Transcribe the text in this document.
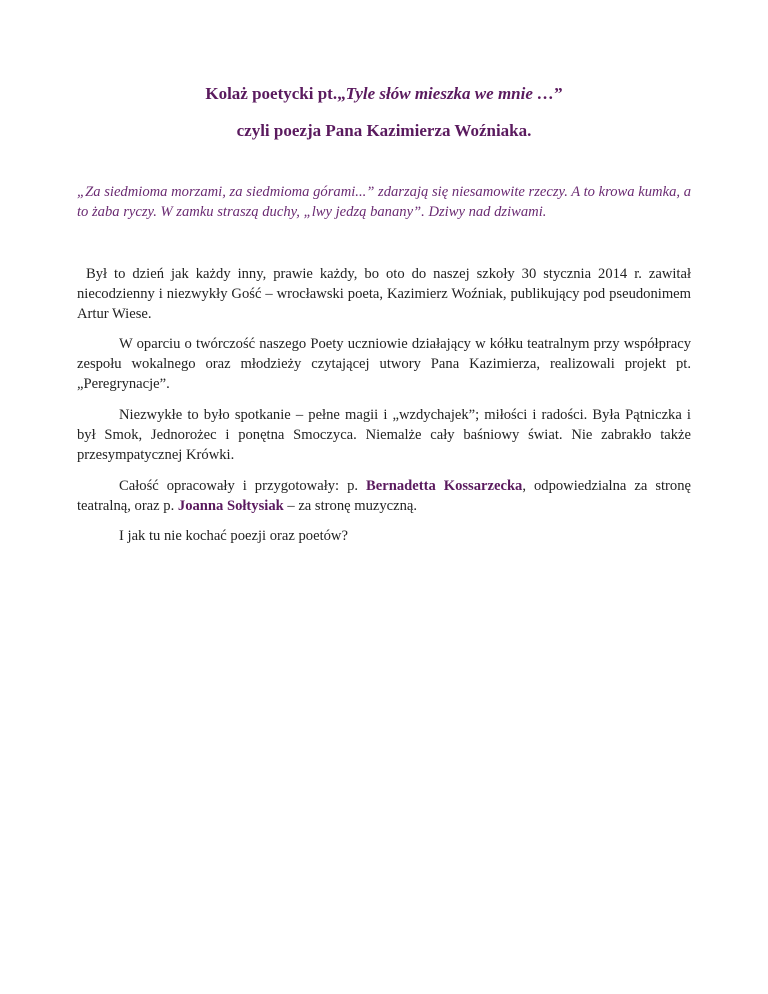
Kolaż poetycki pt.„Tyle słów mieszka we mnie …”
czyli poezja Pana Kazimierza Woźniaka.
„Za siedmioma morzami, za siedmioma górami...” zdarzają się niesamowite rzeczy. A to krowa kumka, a to żaba ryczy. W zamku straszą duchy, „lwy jedzą banany”. Dziwy nad dziwami.
Był to dzień jak każdy inny, prawie każdy, bo oto do naszej szkoły 30 stycznia 2014 r. zawitał niecodzienny i niezwykły Gość – wrocławski poeta, Kazimierz Woźniak, publikujący pod pseudonimem Artur Wiese.
W oparciu o twórczość naszego Poety uczniowie działający w kółku teatralnym przy współpracy zespołu wokalnego oraz młodzieży czytającej utwory Pana Kazimierza, realizowali projekt pt. „Peregrynacje”.
Niezwykłe to było spotkanie – pełne magii i „wzdychajek”; miłości i radości. Była Pątniczka i był Smok, Jednorożec i ponętna Smoczyca. Niemalże cały baśniowy świat. Nie zabrakło także przesympatycznej Krówki.
Całość opracowały i przygotowały: p. Bernadetta Kossarzecka, odpowiedzialna za stronę teatralną, oraz p. Joanna Sołtysiak – za stronę muzyczną.
I jak tu nie kochać poezji oraz poetów?
